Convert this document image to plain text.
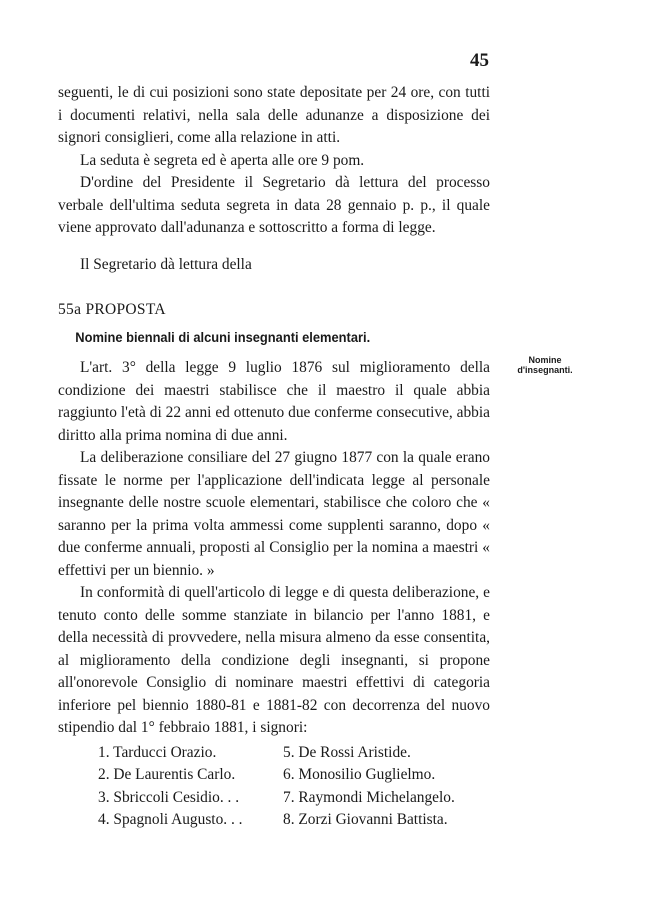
45
Nomine d'insegnanti.

seguenti, le di cui posizioni sono state depositate per 24 ore, con tutti i documenti relativi, nella sala delle adunanze a disposizione dei signori consiglieri, come alla relazione in atti.

La seduta è segreta ed è aperta alle ore 9 pom.

D'ordine del Presidente il Segretario dà lettura del processo verbale dell'ultima seduta segreta in data 28 gennaio p. p., il quale viene approvato dall'adunanza e sottoscritto a forma di legge.

Il Segretario dà lettura della

55a PROPOSTA

Nomine biennali di alcuni insegnanti elementari.

L'art. 3° della legge 9 luglio 1876 sul miglioramento della condizione dei maestri stabilisce che il maestro il quale abbia raggiunto l'età di 22 anni ed ottenuto due conferme consecutive, abbia diritto alla prima nomina di due anni.

La deliberazione consiliare del 27 giugno 1877 con la quale erano fissate le norme per l'applicazione dell'indicata legge al personale insegnante delle nostre scuole elementari, stabilisce che coloro che « saranno per la prima volta ammessi come supplenti saranno, dopo « due conferme annuali, proposti al Consiglio per la nomina a maestri « effettivi per un biennio. »

In conformità di quell'articolo di legge e di questa deliberazione, e tenuto conto delle somme stanziate in bilancio per l'anno 1881, e della necessità di provvedere, nella misura almeno da esse consentita, al miglioramento della condizione degli insegnanti, si propone all'onorevole Consiglio di nominare maestri effettivi di categoria inferiore pel biennio 1880-81 e 1881-82 con decorrenza del nuovo stipendio dal 1° febbraio 1881, i signori:

1. Tarducci Orazio.	5. De Rossi Aristide.
2. De Laurentis Carlo.	6. Monosilio Guglielmo.
3. Sbriccoli Cesidio. . .	7. Raymondi Michelangelo.
4. Spagnoli Augusto. . .	8. Zorzi Giovanni Battista.
